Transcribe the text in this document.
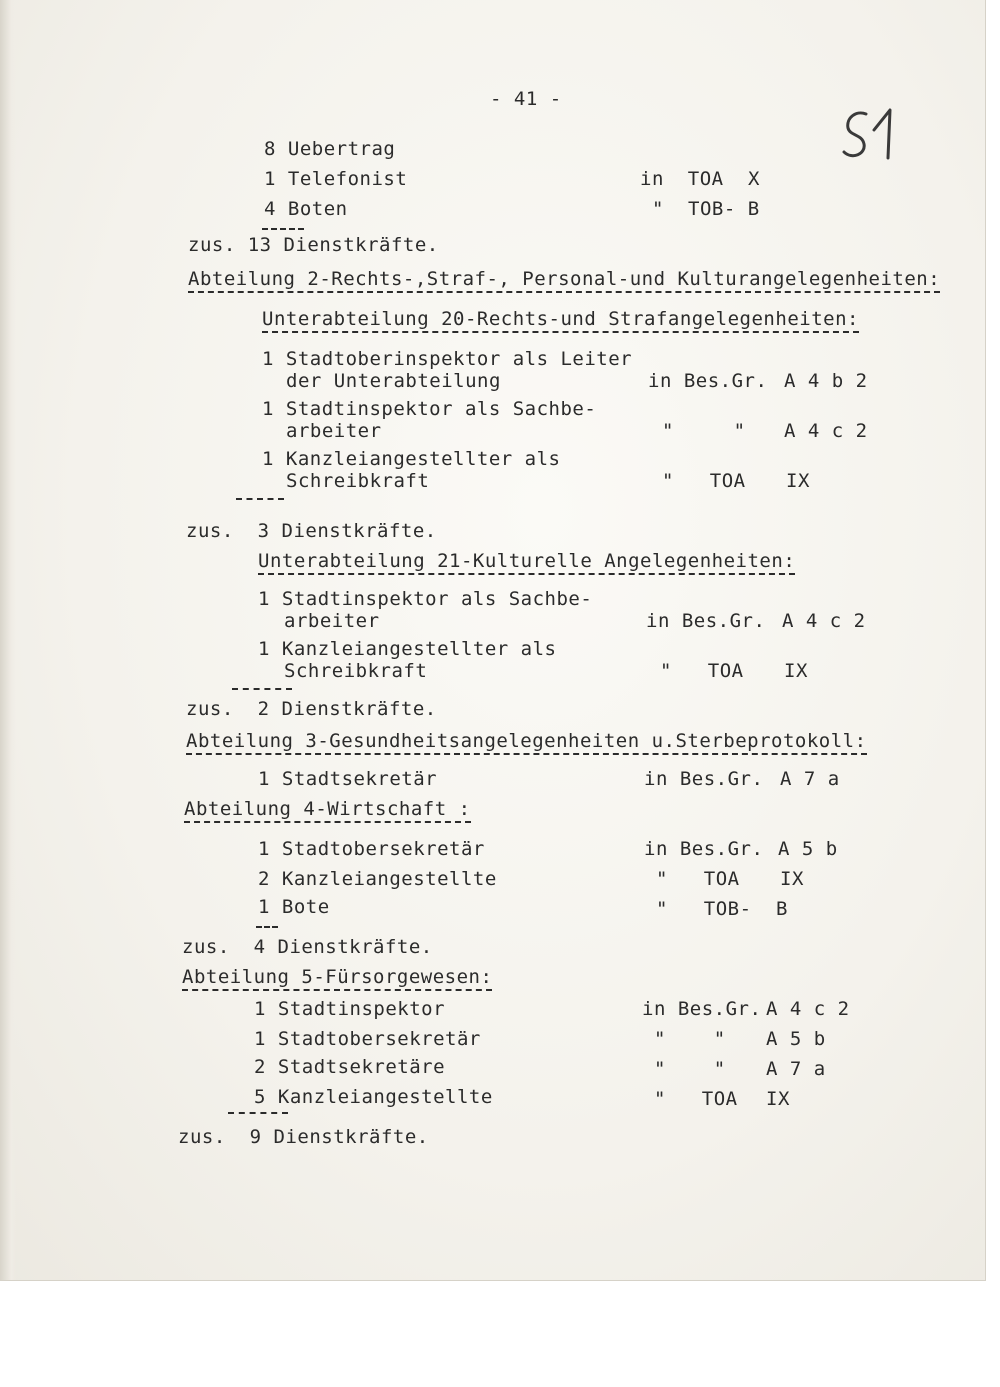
- 41 -
8 Uebertrag
1 Telefonist	in  TOA X
4 Boten	" TOB- B
zus. 13 Dienstkräfte.
Abteilung 2-Rechts-,Straf-, Personal-und Kulturangelegenheiten:
Unterabteilung 20-Rechts-und Strafangelegenheiten:
1 Stadtoberinspektor als Leiter
der Unterabteilung	in Bes.Gr. A 4 b 2
1 Stadtinspektor als Sachbe-
arbeiter	"     " A 4 c 2
1 Kanzleiangestellter als
Schreibkraft	"   TOA IX
zus.  3 Dienstkräfte.
Unterabteilung 21-Kulturelle Angelegenheiten:
1 Stadtinspektor als Sachbe-
arbeiter	in Bes.Gr. A 4 c 2
1 Kanzleiangestellter als
Schreibkraft	"   TOA IX
zus.  2 Dienstkräfte.
Abteilung 3-Gesundheitsangelegenheiten u.Sterbeprotokoll:
1 Stadtsekretär	in Bes.Gr. A 7 a
Abteilung 4-Wirtschaft :
1 Stadtobersekretär	in Bes.Gr. A 5 b
2 Kanzleiangestellte	"   TOA IX
1 Bote	"   TOB- B
zus.  4 Dienstkräfte.
Abteilung 5-Fürsorgewesen:
1 Stadtinspektor	in Bes.Gr. A 4 c 2
1 Stadtobersekretär	"    " A 5 b
2 Stadtsekretäre	"    " A 7 a
5 Kanzleiangestellte	"   TOA IX
zus.  9 Dienstkräfte.
